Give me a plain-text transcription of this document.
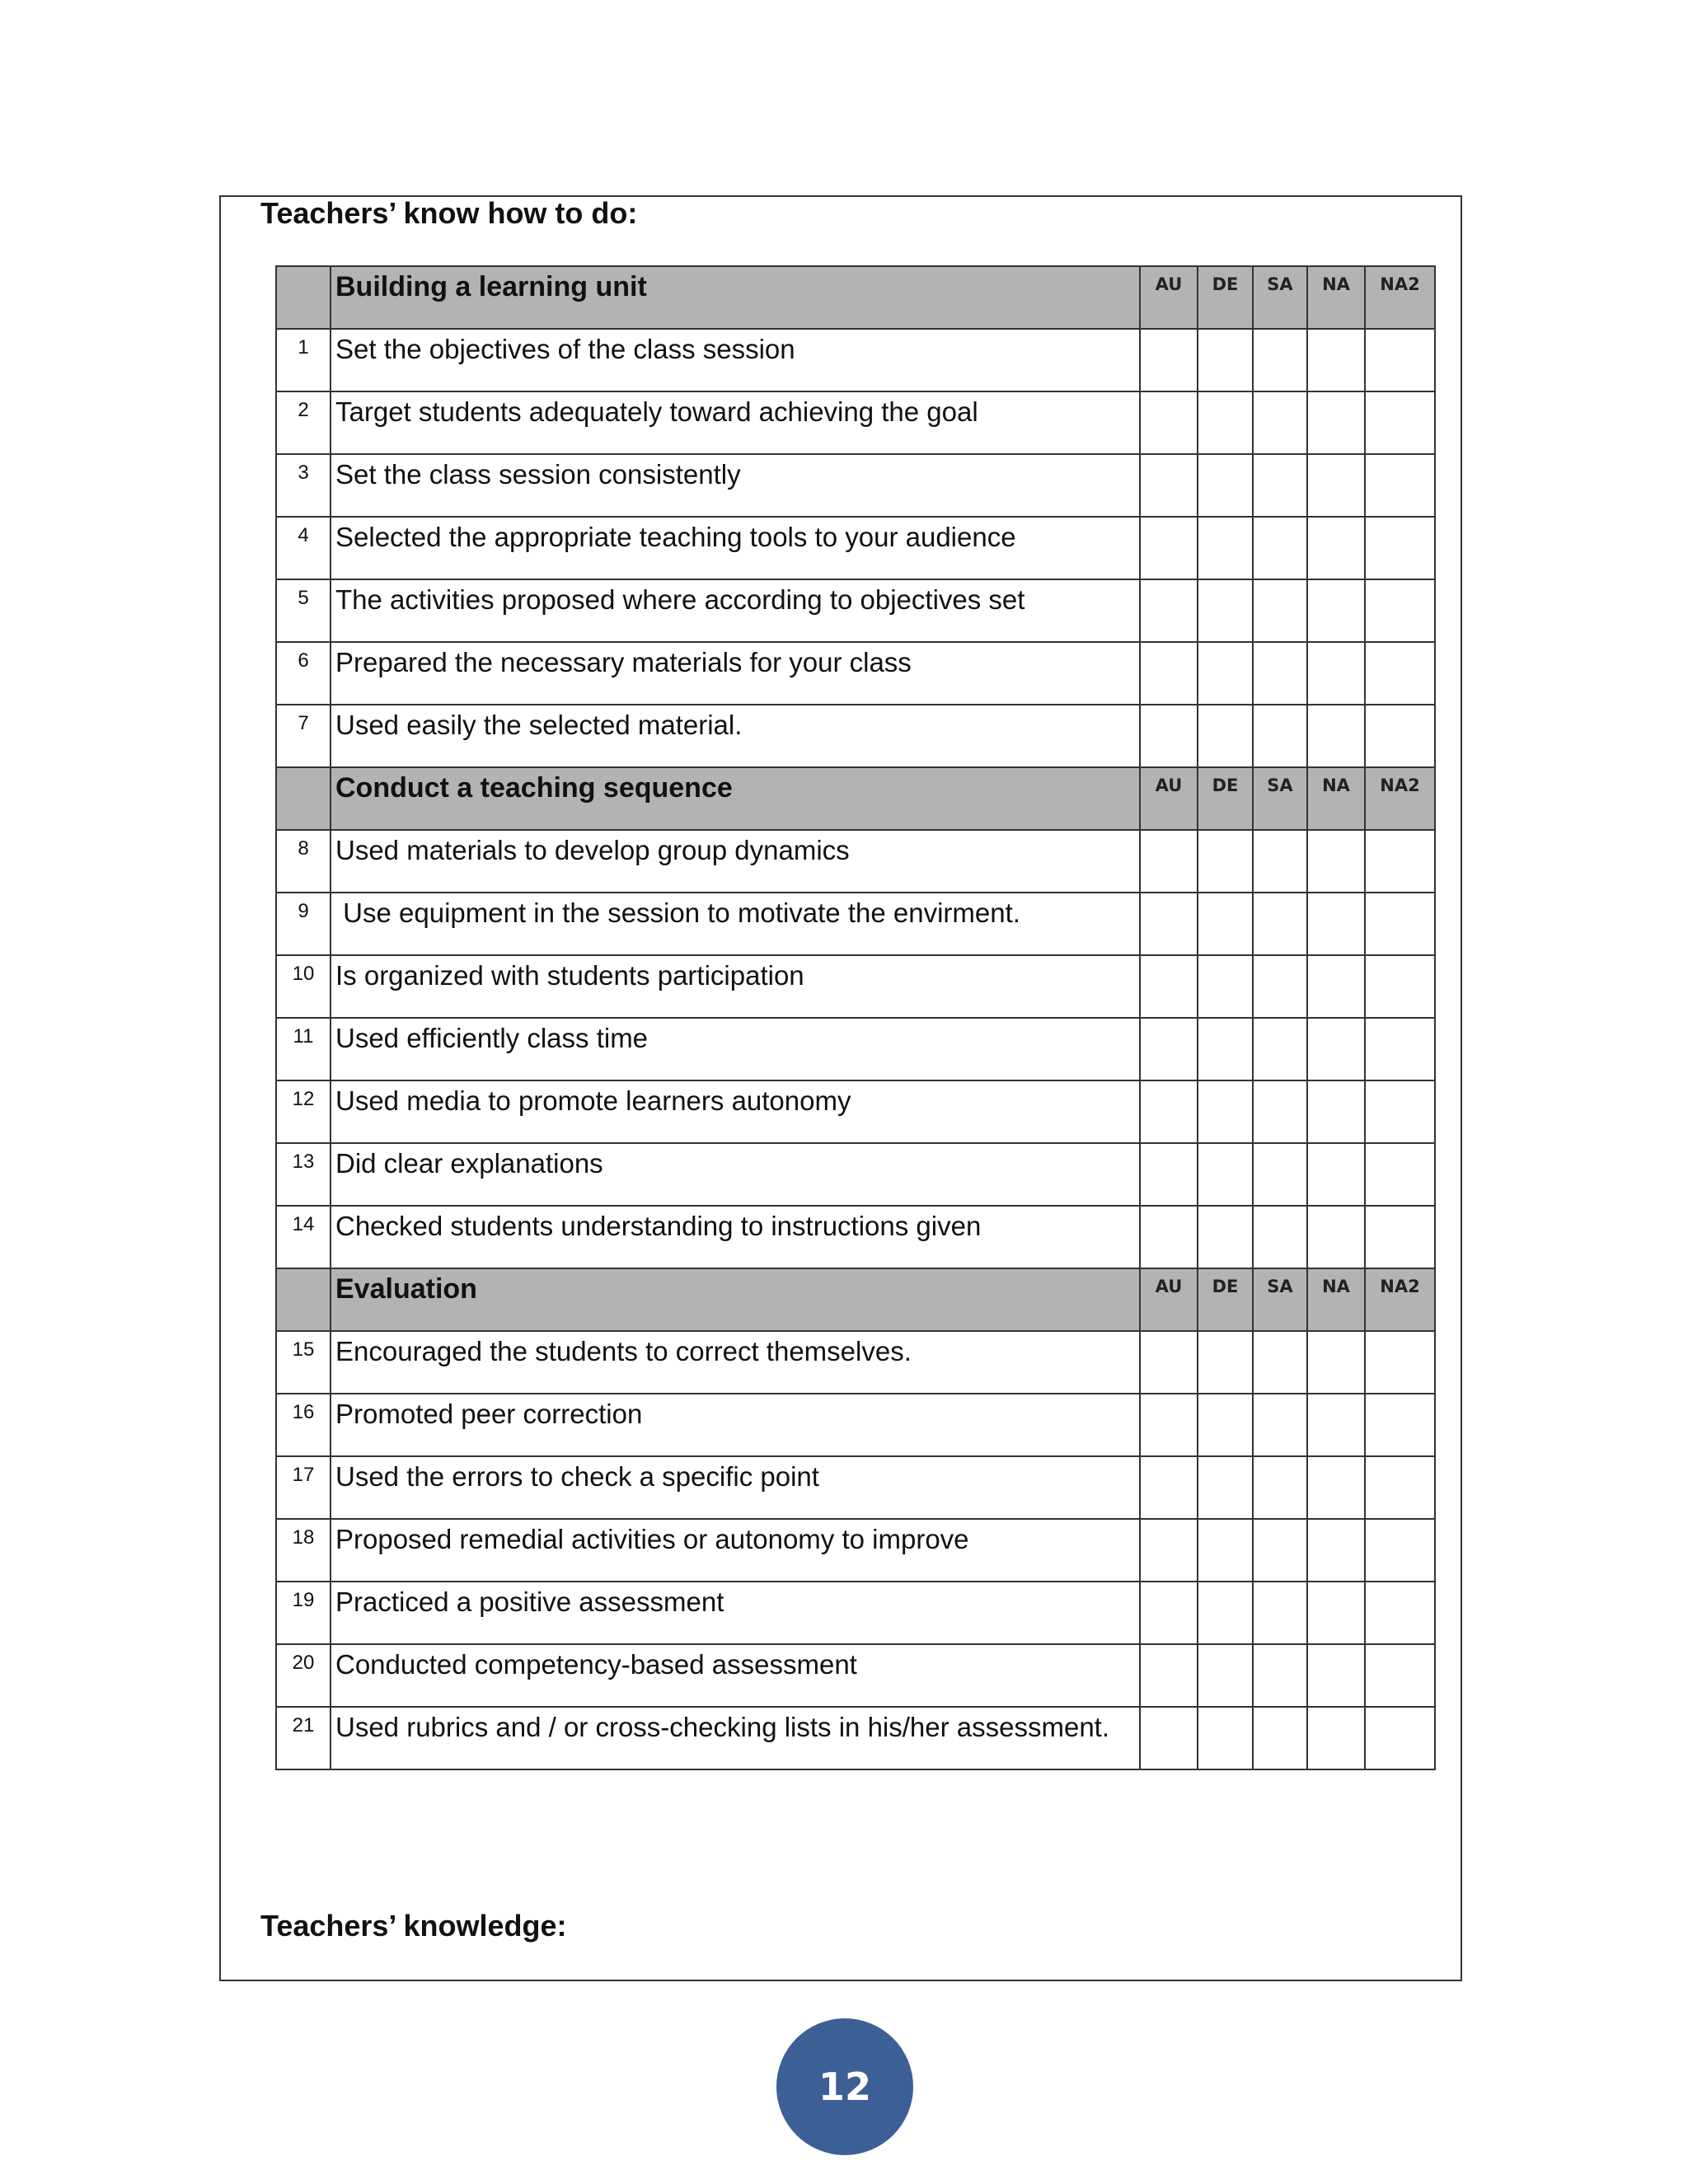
Teachers’ know how to do:

	Building a learning unit	AU	DE	SA	NA	NA2

1	Set the objectives of the class session					

2	Target students adequately toward achieving the goal					

3	Set the class session consistently					

4	Selected the appropriate teaching tools to your audience					

5	The activities proposed where according to objectives set					

6	Prepared the necessary materials for your class					

7	Used easily the selected material.					

	Conduct a teaching sequence	AU	DE	SA	NA	NA2

8	Used materials to develop group dynamics					

9	Use equipment in the session to motivate the envirment.					

10	Is organized with students participation					

11	Used efficiently class time					

12	Used media to promote learners autonomy					

13	Did clear explanations					

14	Checked students understanding to instructions given					

	Evaluation	AU	DE	SA	NA	NA2

15	Encouraged the students to correct themselves.					

16	Promoted peer correction					

17	Used the errors to check a specific point					

18	Proposed remedial activities or autonomy to improve					

19	Practiced a positive assessment					

20	Conducted competency-based assessment					

21	Used rubrics and / or cross-checking lists in his/her assessment.					

Teachers’ knowledge:
12
